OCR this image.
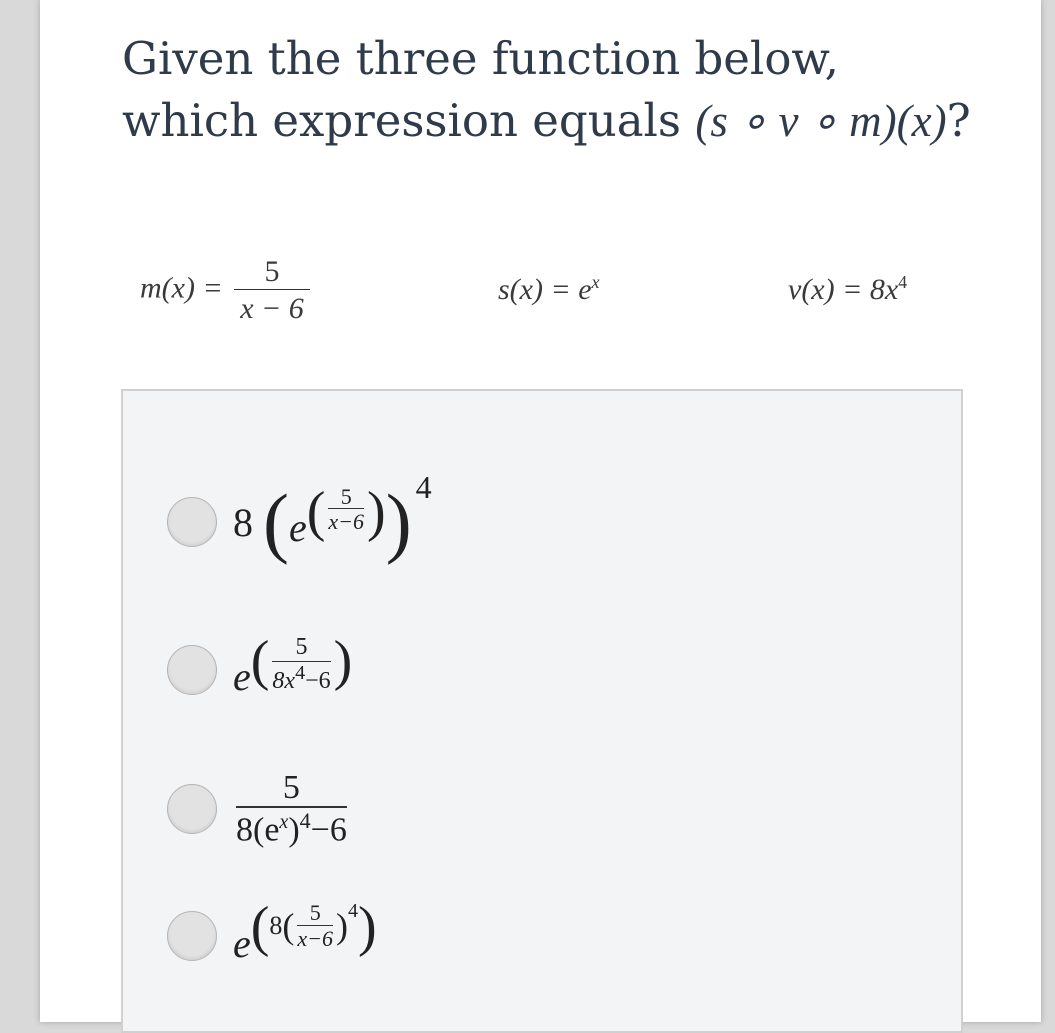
Given the three function below, which expression equals (s ∘ v ∘ m)(x)?
$m(x) = \frac{5}{x - 6}$	$s(x) = e^x$	$v(x) = 8x^4$
8 ( e ( $\frac{5}{x-6}$ ) ) 4
e ( $\frac{5}{8x^4-6}$ )
$\frac{5}{8(e^x)^4-6}$
e ( 8 ( $\frac{5}{x-6}$ ) 4 )
